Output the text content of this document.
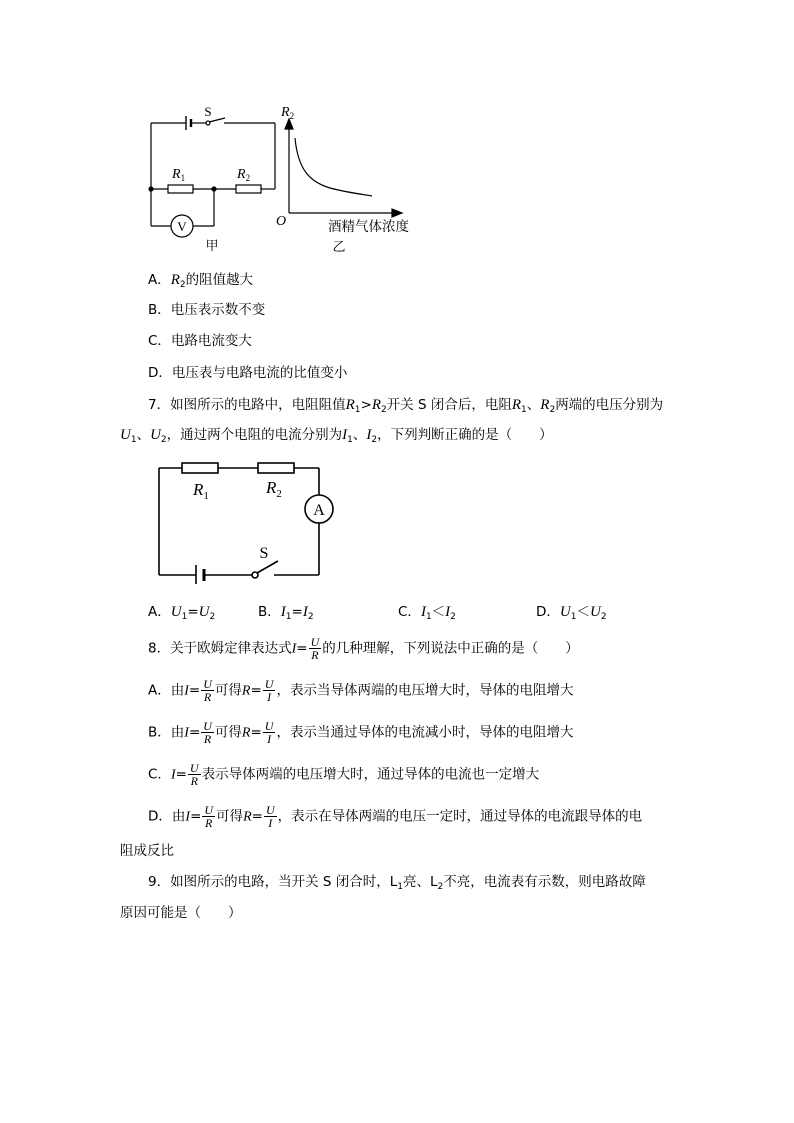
S
$R_1$	$R_2$
V
甲
$R_2$
O	酒精气体浓度
乙
A．$R_2$的阻值越大
B．电压表示数不变
C．电路电流变大
D．电压表与电路电流的比值变小
7．如图所示的电路中，电阻阻值$R_1>R_2$开关 S 闭合后，电阻$R_1$、$R_2$两端的电压分别为
$U_1$、$U_2$，通过两个电阻的电流分别为$I_1$、$I_2$，下列判断正确的是（　　）
$R_1$	$R_2$
A
S
A．$U_1=U_2$	B．$I_1=I_2$	C．$I_1<I_2$	D．$U_1<U_2$
8．关于欧姆定律表达式$I= \frac{U}{R}$ 的几种理解，下列说法中正确的是（　　）
A．由$I= \frac{U}{R}$ 可得$R= \frac{U}{I}$ ，表示当导体两端的电压增大时，导体的电阻增大
B．由$I= \frac{U}{R}$ 可得$R= \frac{U}{I}$ ，表示当通过导体的电流减小时，导体的电阻增大
C．$I= \frac{U}{R}$ 表示导体两端的电压增大时，通过导体的电流也一定增大
D．由$I= \frac{U}{R}$ 可得$R= \frac{U}{I}$ ，表示在导体两端的电压一定时，通过导体的电流跟导体的电
阻成反比
9．如图所示的电路，当开关 S 闭合时，$L_1$亮、$L_2$不亮，电流表有示数，则电路故障
原因可能是（　　）
